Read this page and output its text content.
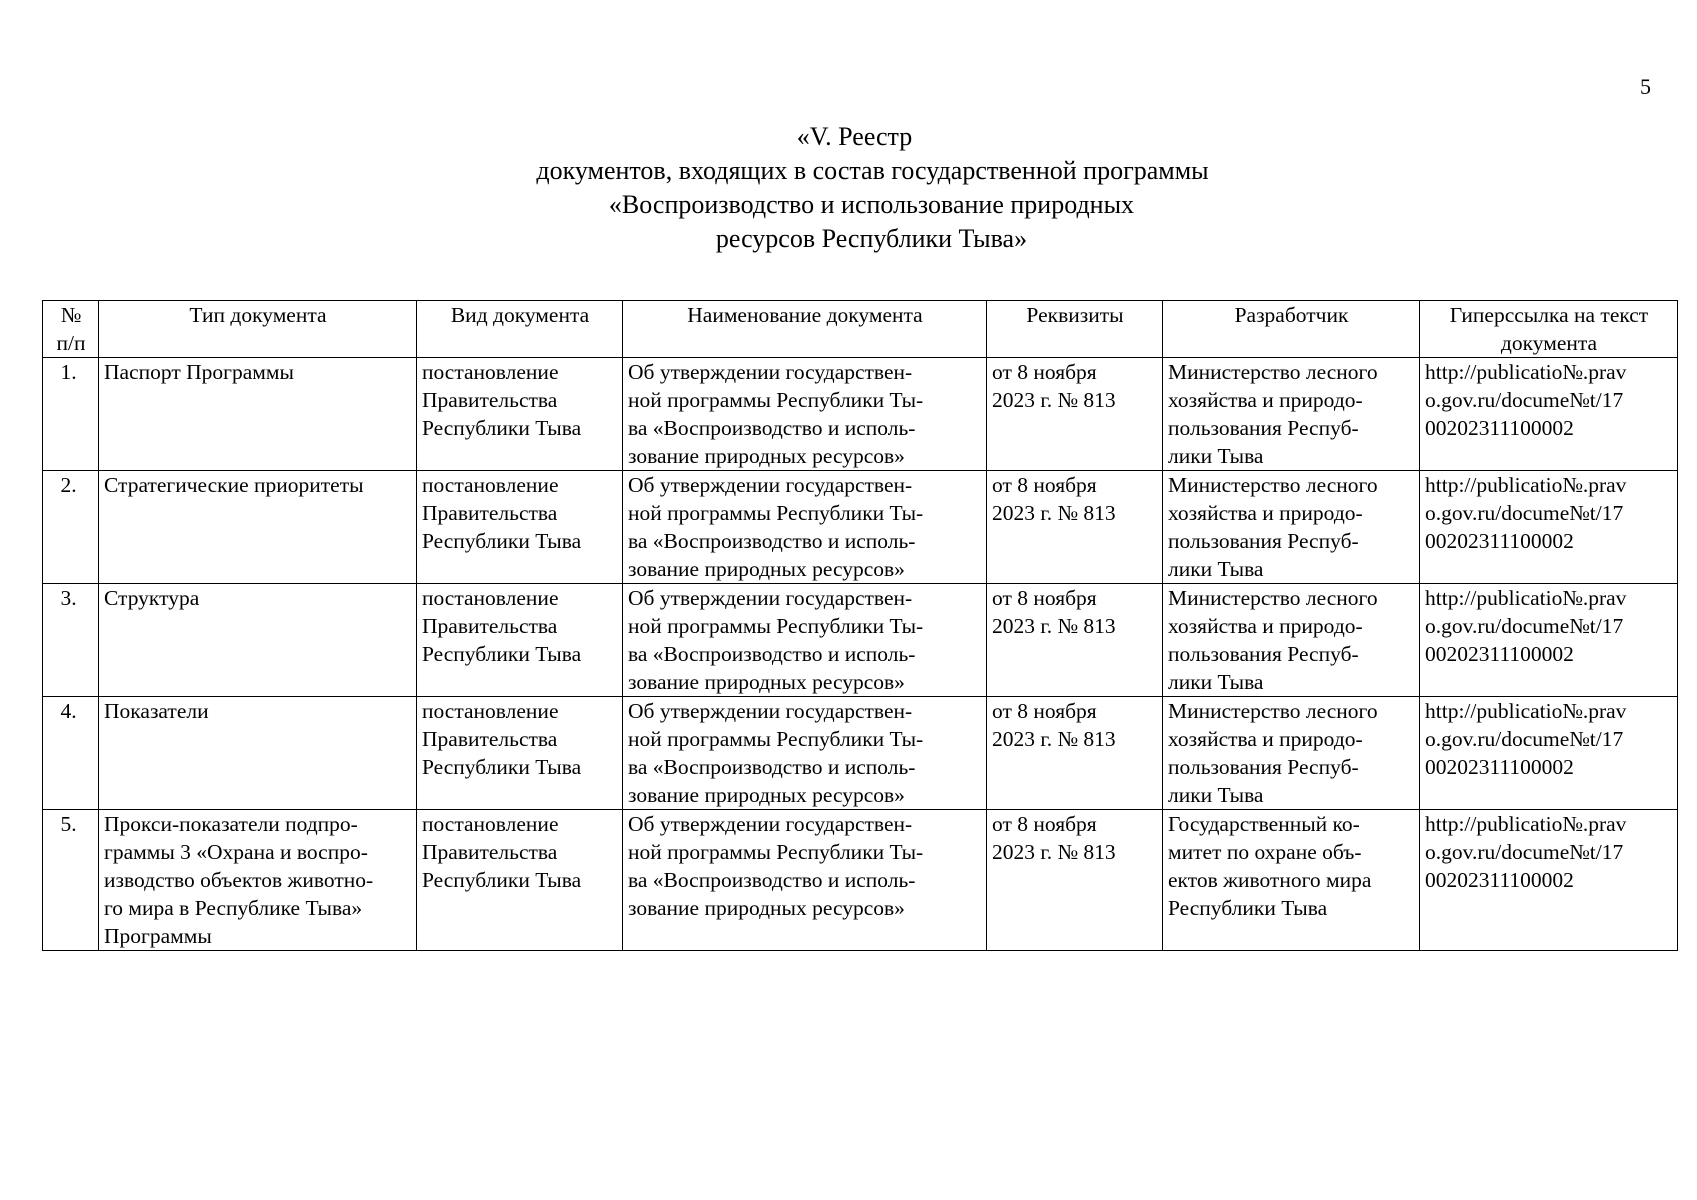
5
«V. Реестр
документов, входящих в состав государственной программы
«Воспроизводство и использование природных
ресурсов Республики Тыва»
№
п/п	Тип документа	Вид документа	Наименование документа	Реквизиты	Разработчик	Гиперссылка на текст
документа

1.	Паспорт Программы	постановление
Правительства
Республики Тыва	Об утверждении государствен-
ной программы Республики Ты-
ва «Воспроизводство и исполь-
зование природных ресурсов»	от 8 ноября
2023 г. № 813	Министерство лесного
хозяйства и природо-
пользования Респуб-
лики Тыва	http://publicatio№.prav
o.gov.ru/docume№t/17
00202311100002

2.	Стратегические приоритеты	постановление
Правительства
Республики Тыва	Об утверждении государствен-
ной программы Республики Ты-
ва «Воспроизводство и исполь-
зование природных ресурсов»	от 8 ноября
2023 г. № 813	Министерство лесного
хозяйства и природо-
пользования Респуб-
лики Тыва	http://publicatio№.prav
o.gov.ru/docume№t/17
00202311100002

3.	Структура	постановление
Правительства
Республики Тыва	Об утверждении государствен-
ной программы Республики Ты-
ва «Воспроизводство и исполь-
зование природных ресурсов»	от 8 ноября
2023 г. № 813	Министерство лесного
хозяйства и природо-
пользования Респуб-
лики Тыва	http://publicatio№.prav
o.gov.ru/docume№t/17
00202311100002

4.	Показатели	постановление
Правительства
Республики Тыва	Об утверждении государствен-
ной программы Республики Ты-
ва «Воспроизводство и исполь-
зование природных ресурсов»	от 8 ноября
2023 г. № 813	Министерство лесного
хозяйства и природо-
пользования Респуб-
лики Тыва	http://publicatio№.prav
o.gov.ru/docume№t/17
00202311100002

5.	Прокси-показатели подпро-
граммы 3 «Охрана и воспро-
изводство объектов животно-
го мира в Республике Тыва»
Программы	постановление
Правительства
Республики Тыва	Об утверждении государствен-
ной программы Республики Ты-
ва «Воспроизводство и исполь-
зование природных ресурсов»	от 8 ноября
2023 г. № 813	Государственный ко-
митет по охране объ-
ектов животного мира
Республики Тыва	http://publicatio№.prav
o.gov.ru/docume№t/17
00202311100002
